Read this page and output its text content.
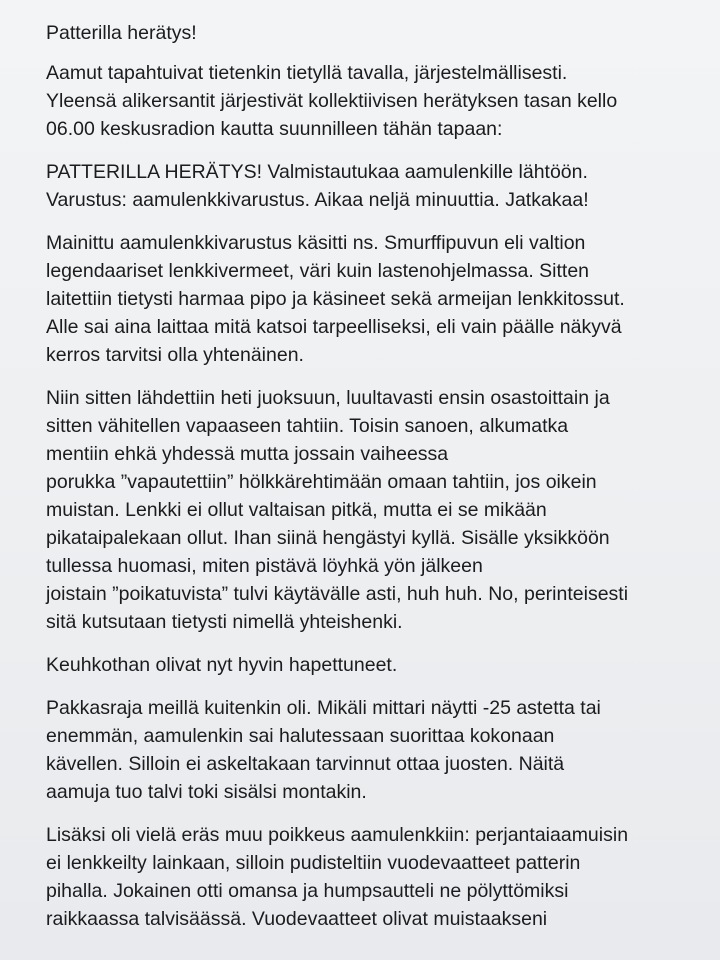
Patterilla herätys!
Aamut tapahtuivat tietenkin tietyllä tavalla, järjestelmällisesti.
Yleensä alikersantit järjestivät kollektiivisen herätyksen tasan kello
06.00 keskusradion kautta suunnilleen tähän tapaan:
PATTERILLA HERÄTYS! Valmistautukaa aamulenkille lähtöön.
Varustus: aamulenkkivarustus. Aikaa neljä minuuttia. Jatkakaa!
Mainittu aamulenkkivarustus käsitti ns. Smurffipuvun eli valtion
legendaariset lenkkivermeet, väri kuin lastenohjelmassa. Sitten
laitettiin tietysti harmaa pipo ja käsineet sekä armeijan lenkkitossut.
Alle sai aina laittaa mitä katsoi tarpeelliseksi, eli vain päälle näkyvä
kerros tarvitsi olla yhtenäinen.
Niin sitten lähdettiin heti juoksuun, luultavasti ensin osastoittain ja
sitten vähitellen vapaaseen tahtiin. Toisin sanoen, alkumatka
mentiin ehkä yhdessä mutta jossain vaiheessa
porukka ”vapautettiin” hölkkärehtimään omaan tahtiin, jos oikein
muistan. Lenkki ei ollut valtaisan pitkä, mutta ei se mikään
pikataipalekaan ollut. Ihan siinä hengästyi kyllä. Sisälle yksikköön
tullessa huomasi, miten pistävä löyhkä yön jälkeen
joistain ”poikatuvista” tulvi käytävälle asti, huh huh. No, perinteisesti
sitä kutsutaan tietysti nimellä yhteishenki.
Keuhkothan olivat nyt hyvin hapettuneet.
Pakkasraja meillä kuitenkin oli. Mikäli mittari näytti -25 astetta tai
enemmän, aamulenkin sai halutessaan suorittaa kokonaan
kävellen. Silloin ei askeltakaan tarvinnut ottaa juosten. Näitä
aamuja tuo talvi toki sisälsi montakin.
Lisäksi oli vielä eräs muu poikkeus aamulenkkiin: perjantaiaamuisin
ei lenkkeilty lainkaan, silloin pudisteltiin vuodevaatteet patterin
pihalla. Jokainen otti omansa ja humpsautteli ne pölyttömiksi
raikkaassa talvisäässä. Vuodevaatteet olivat muistaakseni
